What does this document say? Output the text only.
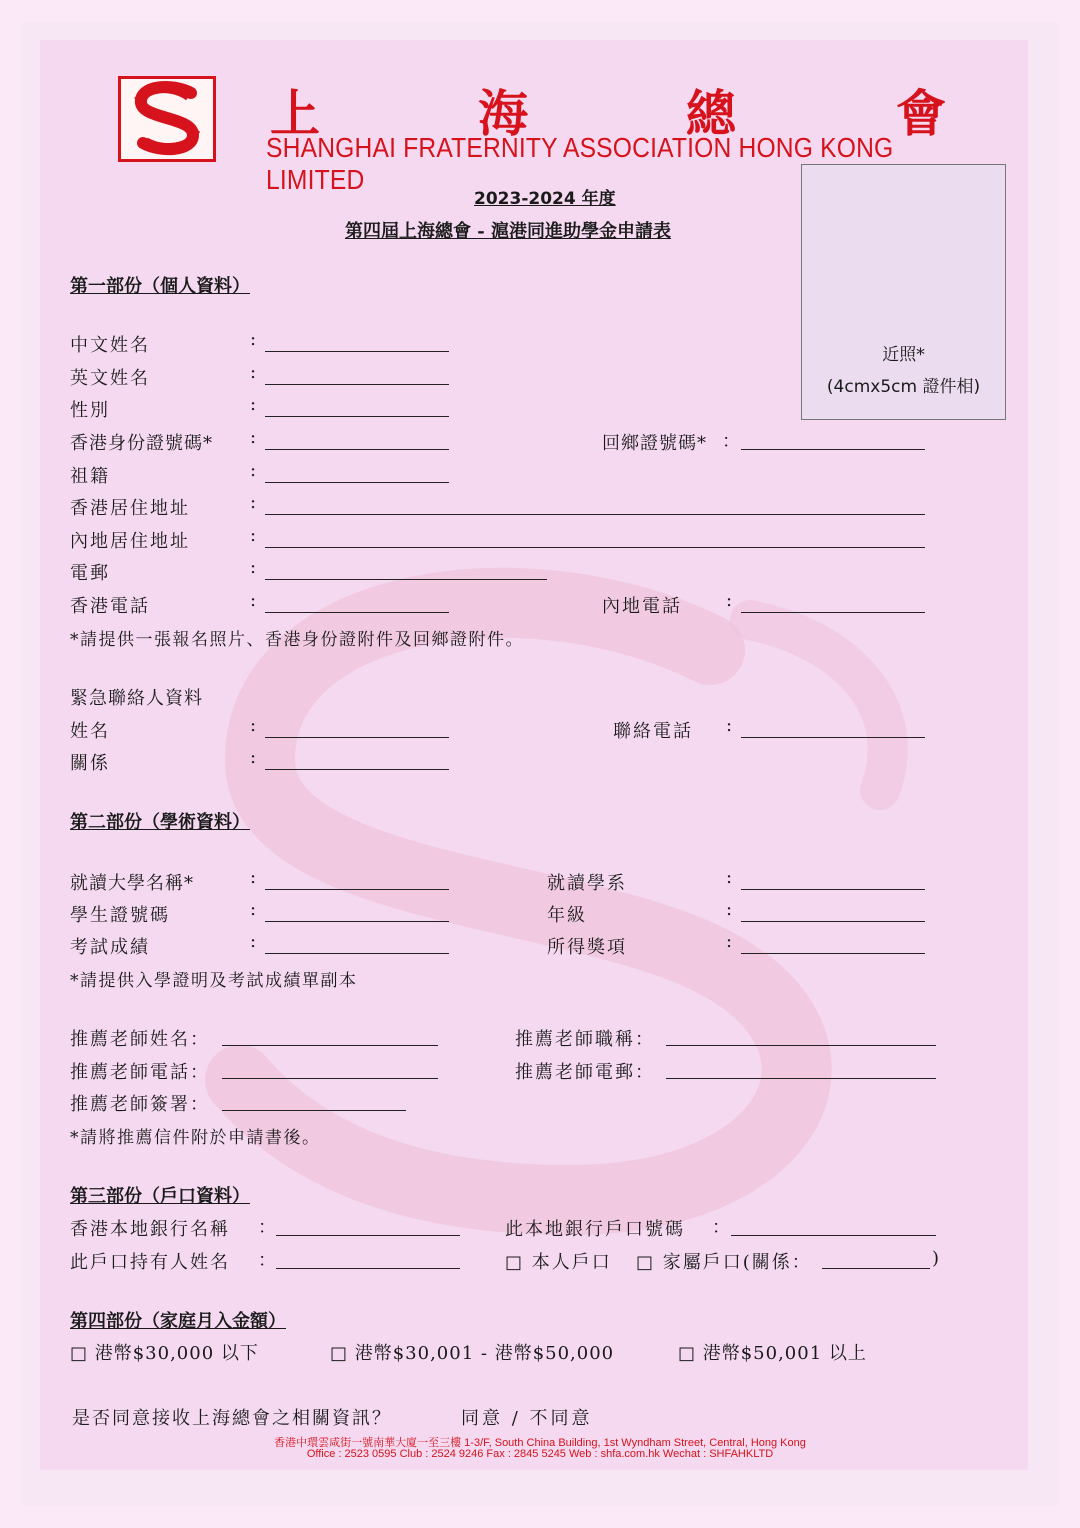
上	海	總	會
SHANGHAI FRATERNITY ASSOCIATION HONG KONG LIMITED
2023-2024 年度
第四屆上海總會 - 滬港同進助學金申請表
近照*
(4cmx5cm 證件相)
第一部份（個人資料）
中文姓名	:
英文姓名	:
性別	:
香港身份證號碼* :	回鄉證號碼* ：
祖籍	:
香港居住地址	:
內地居住地址	:
電郵	:
香港電話	:	內地電話 :
*請提供一張報名照片、香港身份證附件及回鄉證附件。
緊急聯絡人資料
姓名	:	聯絡電話 :
關係	:
第二部份（學術資料）
就讀大學名稱*	:	就讀學系	:
學生證號碼	:	年級	:
考試成績	:	所得獎項	:
*請提供入學證明及考試成績單副本
推薦老師姓名：	推薦老師職稱：
推薦老師電話：	推薦老師電郵：
推薦老師簽署：
*請將推薦信件附於申請書後。
第三部份（戶口資料）
香港本地銀行名稱 ：	此本地銀行戶口號碼 ：
此戶口持有人姓名 ：	□ 本人戶口 □ 家屬戶口(關係：	)
第四部份（家庭月入金額）
□ 港幣$30,000 以下	□ 港幣$30,001 - 港幣$50,000	□ 港幣$50,001 以上
是否同意接收上海總會之相關資訊？	同意 / 不同意
香港中環雲咸街一號南華大廈一至三樓 1-3/F, South China Building, 1st Wyndham Street, Central, Hong Kong
Office : 2523 0595 Club : 2524 9246 Fax : 2845 5245 Web : shfa.com.hk Wechat : SHFAHKLTD
